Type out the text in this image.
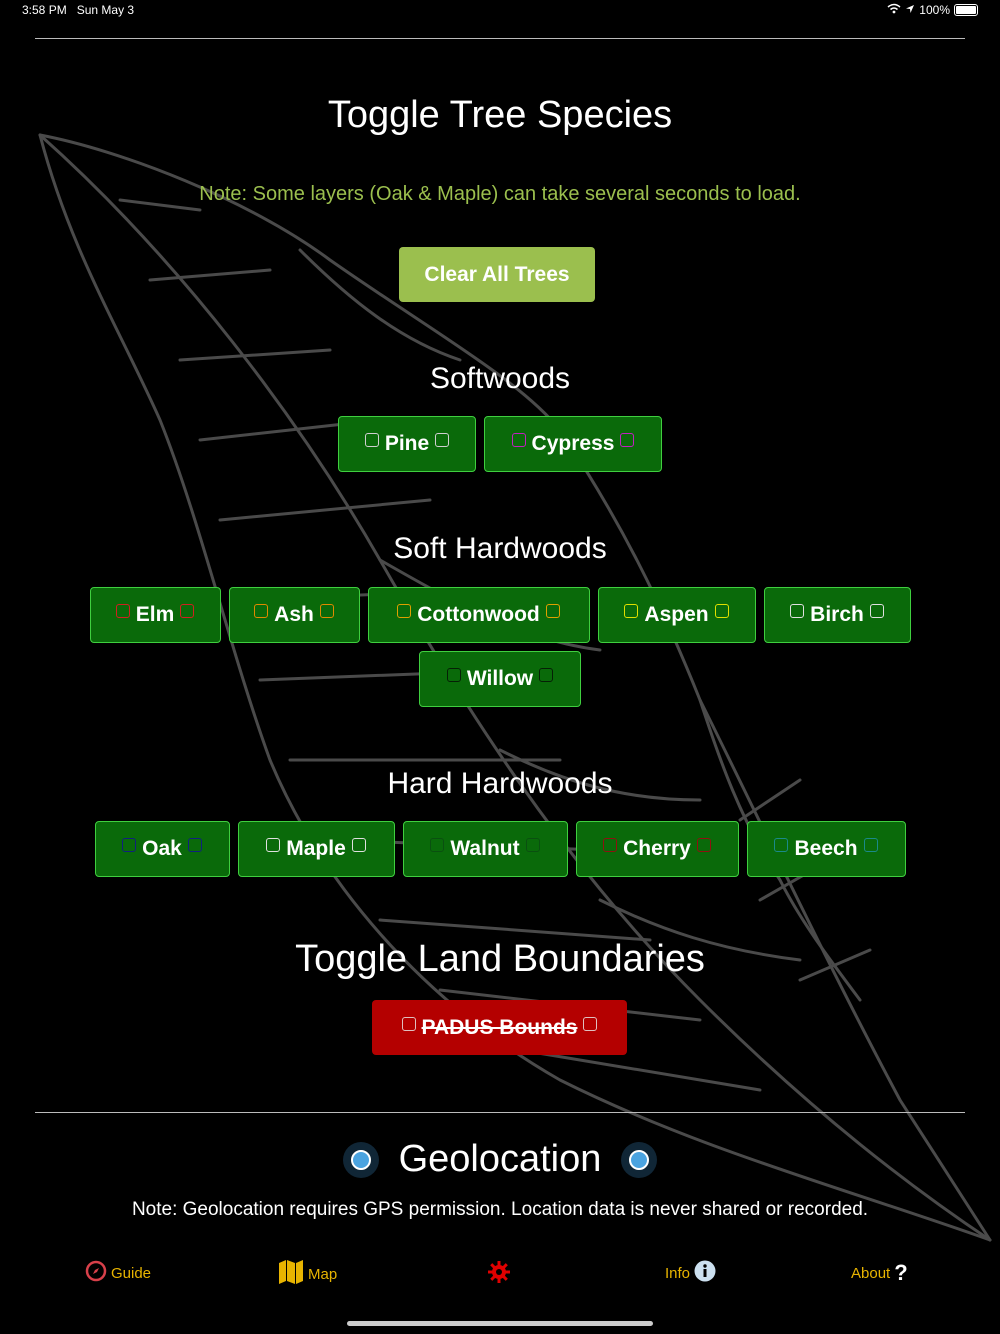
3:58 PM Sun May 3	100%
Toggle Tree Species
Note: Some layers (Oak & Maple) can take several seconds to load.
Clear All Trees
Softwoods
Pine	Cypress
Soft Hardwoods
Elm	Ash	Cottonwood	Aspen	Birch
Willow
Hard Hardwoods
Oak	Maple	Walnut	Cherry	Beech
Toggle Land Boundaries
PADUS Bounds
Geolocation
Note: Geolocation requires GPS permission. Location data is never shared or recorded.
Guide	Map	Info	About ?
